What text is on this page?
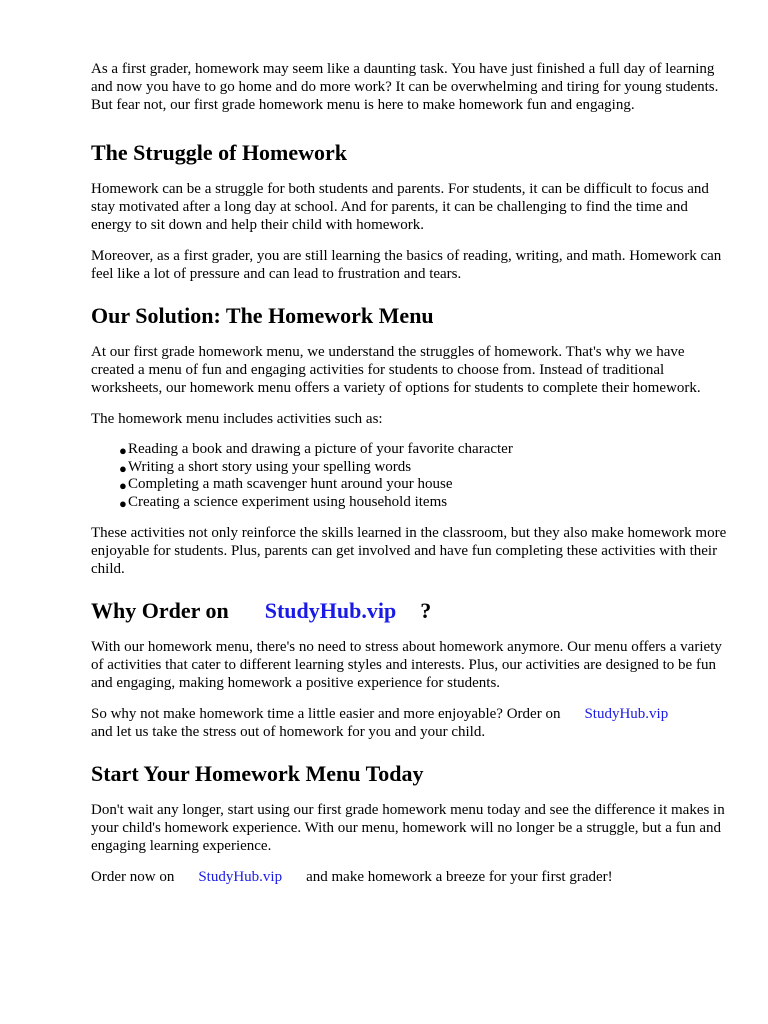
As a first grader, homework may seem like a daunting task. You have just finished a full day of learning and now you have to go home and do more work? It can be overwhelming and tiring for young students. But fear not, our first grade homework menu is here to make homework fun and engaging.

The Struggle of Homework

Homework can be a struggle for both students and parents. For students, it can be difficult to focus and stay motivated after a long day at school. And for parents, it can be challenging to find the time and energy to sit down and help their child with homework.

Moreover, as a first grader, you are still learning the basics of reading, writing, and math. Homework can feel like a lot of pressure and can lead to frustration and tears.

Our Solution: The Homework Menu

At our first grade homework menu, we understand the struggles of homework. That's why we have created a menu of fun and engaging activities for students to choose from. Instead of traditional worksheets, our homework menu offers a variety of options for students to complete their homework.

The homework menu includes activities such as:

● Reading a book and drawing a picture of your favorite character
● Writing a short story using your spelling words
● Completing a math scavenger hunt around your house
● Creating a science experiment using household items

These activities not only reinforce the skills learned in the classroom, but they also make homework more enjoyable for students. Plus, parents can get involved and have fun completing these activities with their child.

Why Order on StudyHub.vip ?

With our homework menu, there's no need to stress about homework anymore. Our menu offers a variety of activities that cater to different learning styles and interests. Plus, our activities are designed to be fun and engaging, making homework a positive experience for students.

So why not make homework time a little easier and more enjoyable? Order on StudyHub.vip
and let us take the stress out of homework for you and your child.

Start Your Homework Menu Today

Don't wait any longer, start using our first grade homework menu today and see the difference it makes in your child's homework experience. With our menu, homework will no longer be a struggle, but a fun and engaging learning experience.

Order now on StudyHub.vip and make homework a breeze for your first grader!
